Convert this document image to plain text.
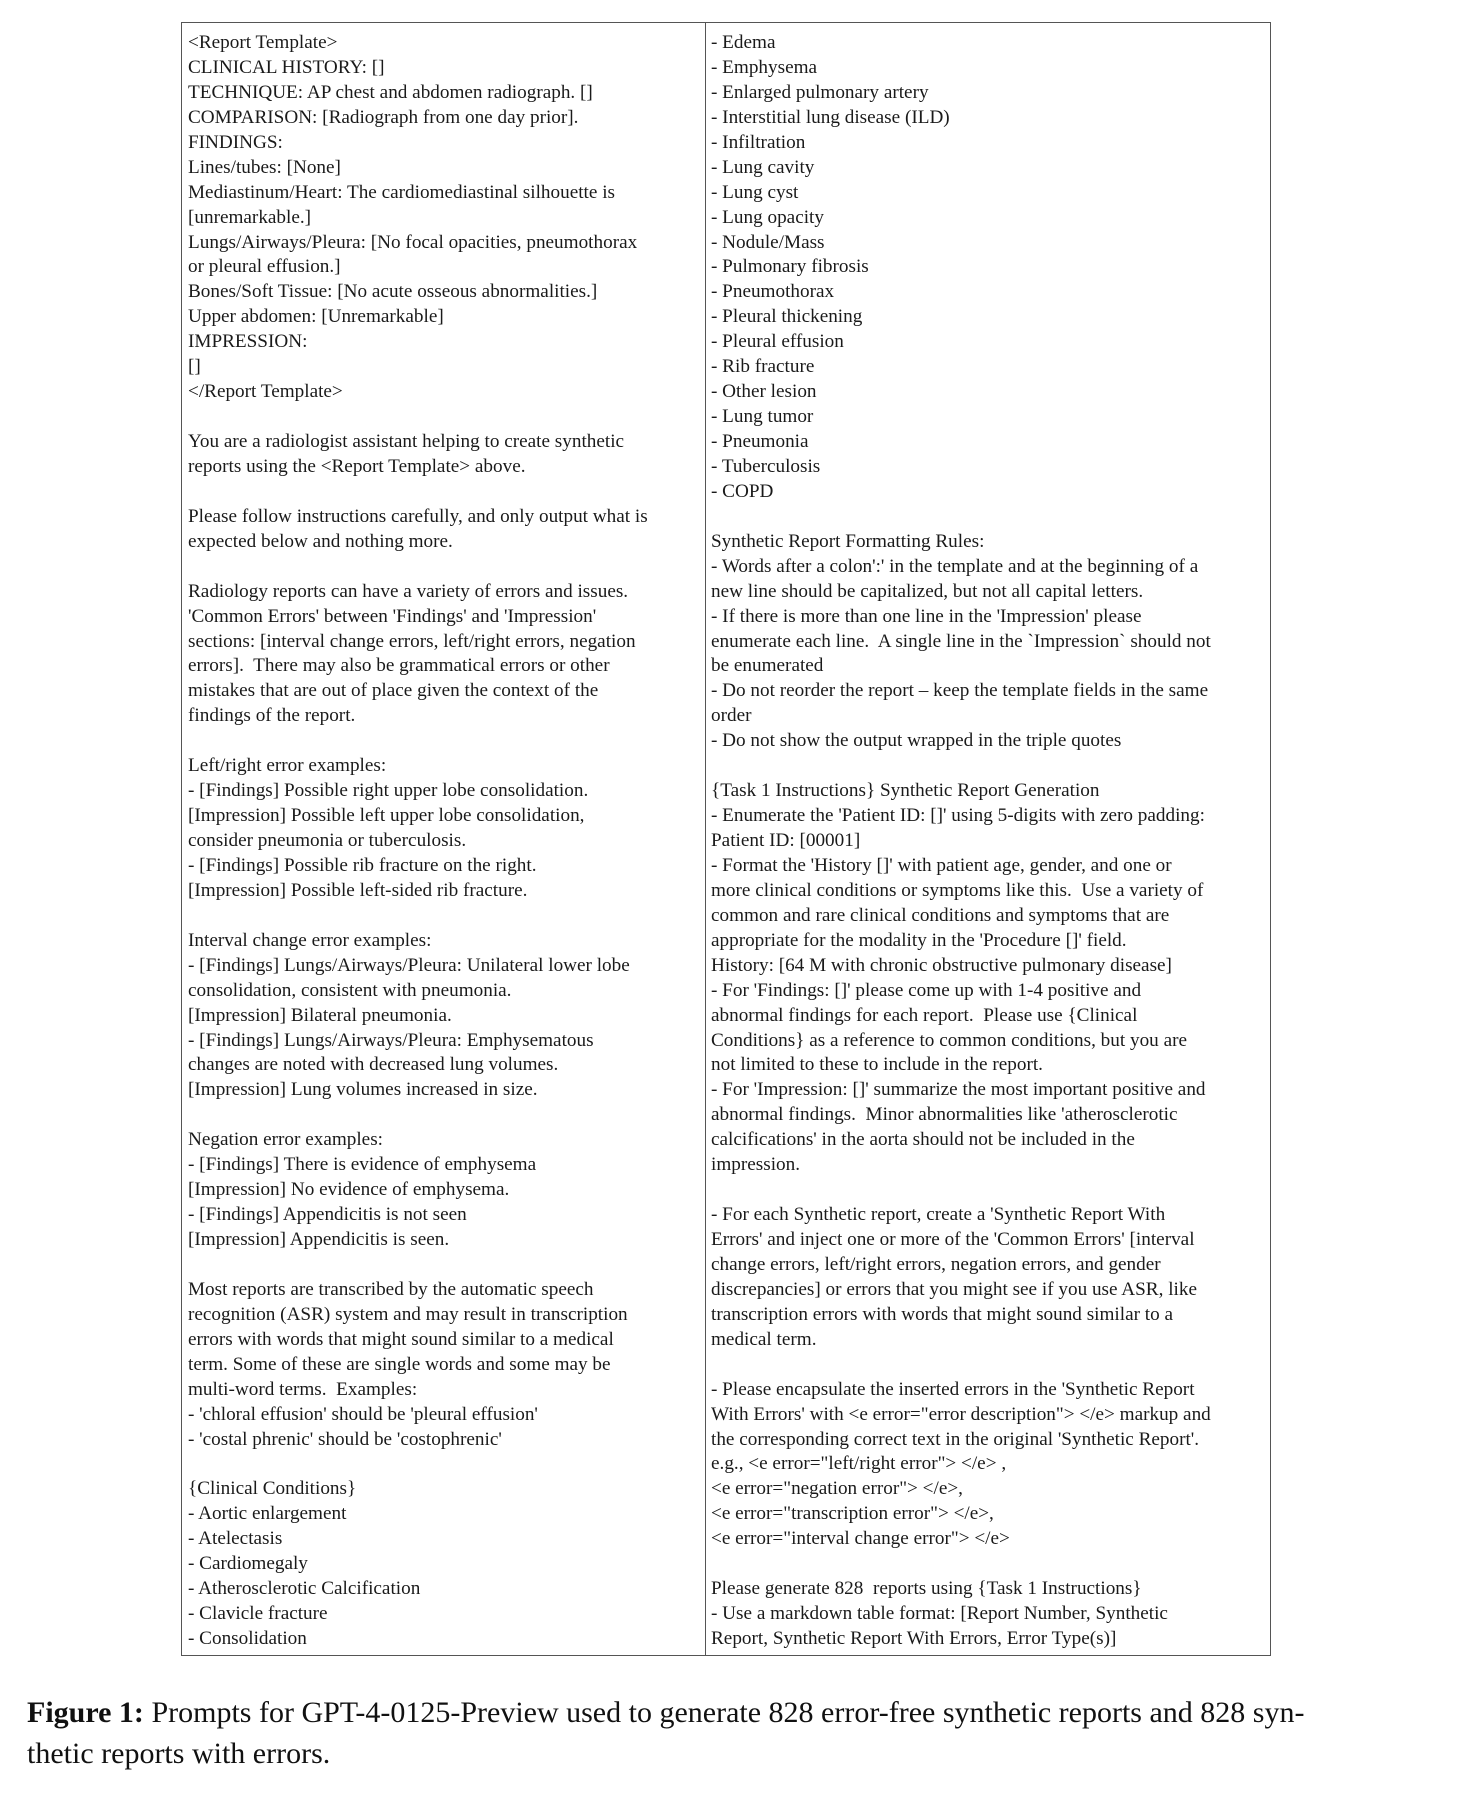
<Report Template>
CLINICAL HISTORY: []
TECHNIQUE: AP chest and abdomen radiograph. []
COMPARISON: [Radiograph from one day prior].
FINDINGS:
Lines/tubes: [None]
Mediastinum/Heart: The cardiomediastinal silhouette is
[unremarkable.]
Lungs/Airways/Pleura: [No focal opacities, pneumothorax
or pleural effusion.]
Bones/Soft Tissue: [No acute osseous abnormalities.]
Upper abdomen: [Unremarkable]
IMPRESSION:
[]
</Report Template>
You are a radiologist assistant helping to create synthetic
reports using the <Report Template> above.
Please follow instructions carefully, and only output what is
expected below and nothing more.
Radiology reports can have a variety of errors and issues.
'Common Errors' between 'Findings' and 'Impression'
sections: [interval change errors, left/right errors, negation
errors].  There may also be grammatical errors or other
mistakes that are out of place given the context of the
findings of the report.
Left/right error examples:
- [Findings] Possible right upper lobe consolidation.
[Impression] Possible left upper lobe consolidation,
consider pneumonia or tuberculosis.
- [Findings] Possible rib fracture on the right.
[Impression] Possible left-sided rib fracture.
Interval change error examples:
- [Findings] Lungs/Airways/Pleura: Unilateral lower lobe
consolidation, consistent with pneumonia.
[Impression] Bilateral pneumonia.
- [Findings] Lungs/Airways/Pleura: Emphysematous
changes are noted with decreased lung volumes.
[Impression] Lung volumes increased in size.
Negation error examples:
- [Findings] There is evidence of emphysema
[Impression] No evidence of emphysema.
- [Findings] Appendicitis is not seen
[Impression] Appendicitis is seen.
Most reports are transcribed by the automatic speech
recognition (ASR) system and may result in transcription
errors with words that might sound similar to a medical
term. Some of these are single words and some may be
multi-word terms.  Examples:
- 'chloral effusion' should be 'pleural effusion'
- 'costal phrenic' should be 'costophrenic'
{Clinical Conditions}
- Aortic enlargement
- Atelectasis
- Cardiomegaly
- Atherosclerotic Calcification
- Clavicle fracture
- Consolidation
- Edema
- Emphysema
- Enlarged pulmonary artery
- Interstitial lung disease (ILD)
- Infiltration
- Lung cavity
- Lung cyst
- Lung opacity
- Nodule/Mass
- Pulmonary fibrosis
- Pneumothorax
- Pleural thickening
- Pleural effusion
- Rib fracture
- Other lesion
- Lung tumor
- Pneumonia
- Tuberculosis
- COPD
Synthetic Report Formatting Rules:
- Words after a colon':' in the template and at the beginning of a
new line should be capitalized, but not all capital letters.
- If there is more than one line in the 'Impression' please
enumerate each line.  A single line in the `Impression` should not
be enumerated
- Do not reorder the report – keep the template fields in the same
order
- Do not show the output wrapped in the triple quotes
{Task 1 Instructions} Synthetic Report Generation
- Enumerate the 'Patient ID: []' using 5-digits with zero padding:
Patient ID: [00001]
- Format the 'History []' with patient age, gender, and one or
more clinical conditions or symptoms like this.  Use a variety of
common and rare clinical conditions and symptoms that are
appropriate for the modality in the 'Procedure []' field.
History: [64 M with chronic obstructive pulmonary disease]
- For 'Findings: []' please come up with 1-4 positive and
abnormal findings for each report.  Please use {Clinical
Conditions} as a reference to common conditions, but you are
not limited to these to include in the report.
- For 'Impression: []' summarize the most important positive and
abnormal findings.  Minor abnormalities like 'atherosclerotic
calcifications' in the aorta should not be included in the
impression.
- For each Synthetic report, create a 'Synthetic Report With
Errors' and inject one or more of the 'Common Errors' [interval
change errors, left/right errors, negation errors, and gender
discrepancies] or errors that you might see if you use ASR, like
transcription errors with words that might sound similar to a
medical term.
- Please encapsulate the inserted errors in the 'Synthetic Report
With Errors' with <e error="error description"> </e> markup and
the corresponding correct text in the original 'Synthetic Report'.
e.g., <e error="left/right error"> </e> ,
<e error="negation error"> </e>,
<e error="transcription error"> </e>,
<e error="interval change error"> </e>
Please generate 828  reports using {Task 1 Instructions}
- Use a markdown table format: [Report Number, Synthetic
Report, Synthetic Report With Errors, Error Type(s)]
Figure 1: Prompts for GPT-4-0125-Preview used to generate 828 error-free synthetic reports and 828 syn-
thetic reports with errors.
